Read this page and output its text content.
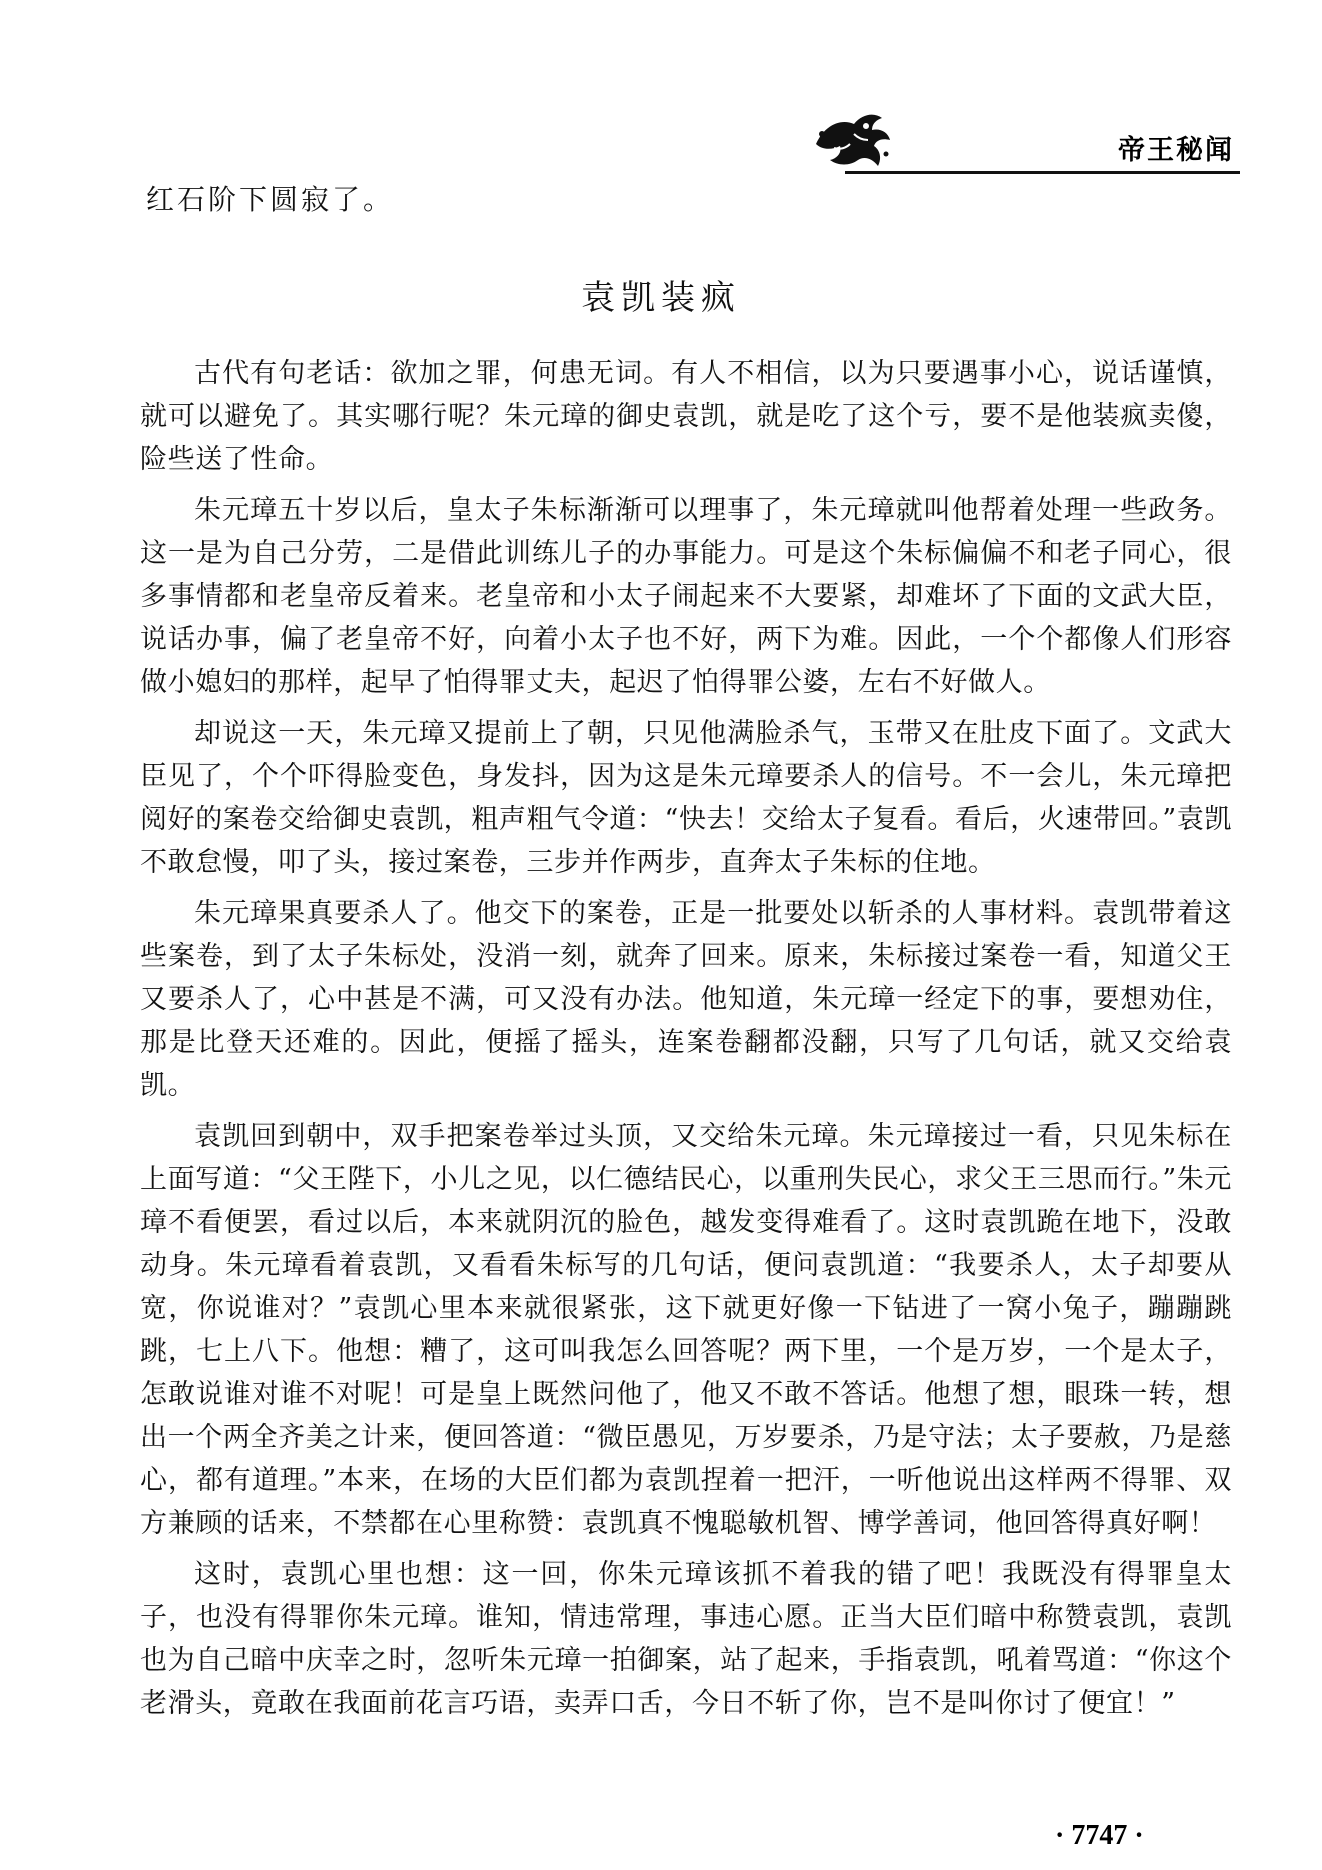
帝王秘闻
红石阶下圆寂了。
袁凯装疯

古代有句老话：欲加之罪，何患无词。有人不相信，以为只要遇事小心，说话谨慎，就可以避免了。其实哪行呢？朱元璋的御史袁凯，就是吃了这个亏，要不是他装疯卖傻，险些送了性命。

朱元璋五十岁以后，皇太子朱标渐渐可以理事了，朱元璋就叫他帮着处理一些政务。这一是为自己分劳，二是借此训练儿子的办事能力。可是这个朱标偏偏不和老子同心，很多事情都和老皇帝反着来。老皇帝和小太子闹起来不大要紧，却难坏了下面的文武大臣，说话办事，偏了老皇帝不好，向着小太子也不好，两下为难。因此，一个个都像人们形容做小媳妇的那样，起早了怕得罪丈夫，起迟了怕得罪公婆，左右不好做人。

却说这一天，朱元璋又提前上了朝，只见他满脸杀气，玉带又在肚皮下面了。文武大臣见了，个个吓得脸变色，身发抖，因为这是朱元璋要杀人的信号。不一会儿，朱元璋把阅好的案卷交给御史袁凯，粗声粗气令道：“快去！交给太子复看。看后，火速带回。”袁凯不敢怠慢，叩了头，接过案卷，三步并作两步，直奔太子朱标的住地。

朱元璋果真要杀人了。他交下的案卷，正是一批要处以斩杀的人事材料。袁凯带着这些案卷，到了太子朱标处，没消一刻，就奔了回来。原来，朱标接过案卷一看，知道父王又要杀人了，心中甚是不满，可又没有办法。他知道，朱元璋一经定下的事，要想劝住，那是比登天还难的。因此，便摇了摇头，连案卷翻都没翻，只写了几句话，就又交给袁凯。

袁凯回到朝中，双手把案卷举过头顶，又交给朱元璋。朱元璋接过一看，只见朱标在上面写道：“父王陛下，小儿之见，以仁德结民心，以重刑失民心，求父王三思而行。”朱元璋不看便罢，看过以后，本来就阴沉的脸色，越发变得难看了。这时袁凯跪在地下，没敢动身。朱元璋看着袁凯，又看看朱标写的几句话，便问袁凯道：“我要杀人，太子却要从宽，你说谁对？”袁凯心里本来就很紧张，这下就更好像一下钻进了一窝小兔子，蹦蹦跳跳，七上八下。他想：糟了，这可叫我怎么回答呢？两下里，一个是万岁，一个是太子，怎敢说谁对谁不对呢！可是皇上既然问他了，他又不敢不答话。他想了想，眼珠一转，想出一个两全齐美之计来，便回答道：“微臣愚见，万岁要杀，乃是守法；太子要赦，乃是慈心，都有道理。”本来，在场的大臣们都为袁凯捏着一把汗，一听他说出这样两不得罪、双方兼顾的话来，不禁都在心里称赞：袁凯真不愧聪敏机智、博学善词，他回答得真好啊！

这时，袁凯心里也想：这一回，你朱元璋该抓不着我的错了吧！我既没有得罪皇太子，也没有得罪你朱元璋。谁知，情违常理，事违心愿。正当大臣们暗中称赞袁凯，袁凯也为自己暗中庆幸之时，忽听朱元璋一拍御案，站了起来，手指袁凯，吼着骂道：“你这个老滑头，竟敢在我面前花言巧语，卖弄口舌，今日不斩了你，岂不是叫你讨了便宜！”

· 7747 ·
